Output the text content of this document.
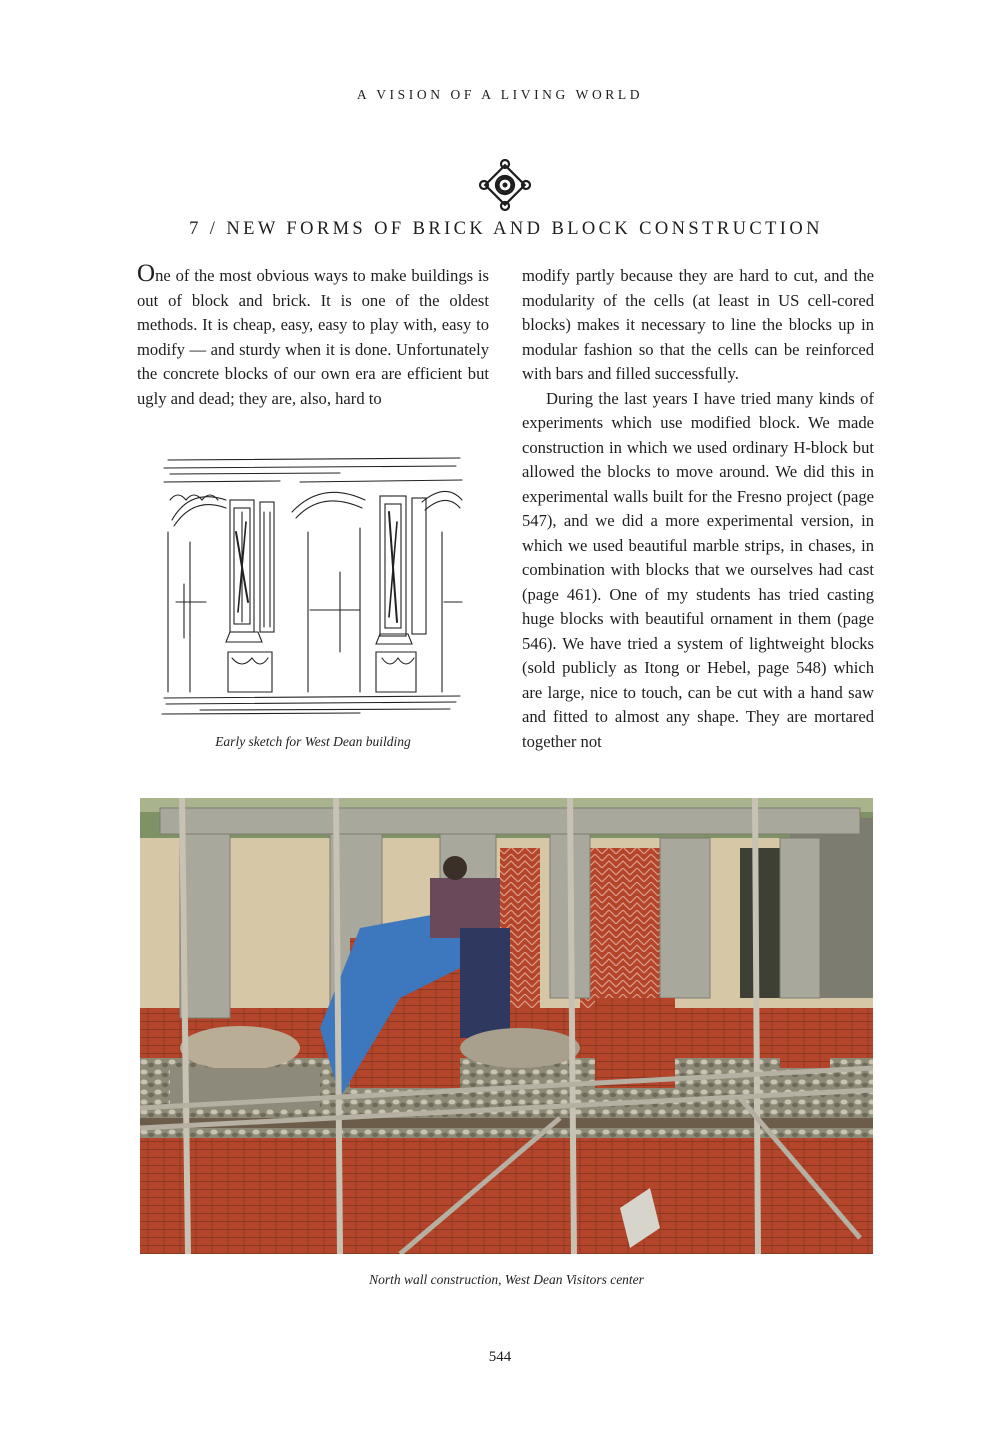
A VISION OF A LIVING WORLD
7 / NEW FORMS OF BRICK AND BLOCK CONSTRUCTION

One of the most obvious ways to make buildings is out of block and brick. It is one of the oldest methods. It is cheap, easy, easy to play with, easy to modify — and sturdy when it is done. Unfortunately the concrete blocks of our own era are efficient but ugly and dead; they are, also, hard to

modify partly because they are hard to cut, and the modularity of the cells (at least in US cell-cored blocks) makes it necessary to line the blocks up in modular fashion so that the cells can be reinforced with bars and filled successfully.

During the last years I have tried many kinds of experiments which use modified block. We made construction in which we used ordinary H-block but allowed the blocks to move around. We did this in experimental walls built for the Fresno project (page 547), and we did a more experimental version, in which we used beautiful marble strips, in chases, in combination with blocks that we ourselves had cast (page 461). One of my students has tried casting huge blocks with beautiful ornament in them (page 546). We have tried a system of lightweight blocks (sold publicly as Itong or Hebel, page 548) which are large, nice to touch, can be cut with a hand saw and fitted to almost any shape. They are mortared together not

Early sketch for West Dean building
North wall construction, West Dean Visitors center
544
